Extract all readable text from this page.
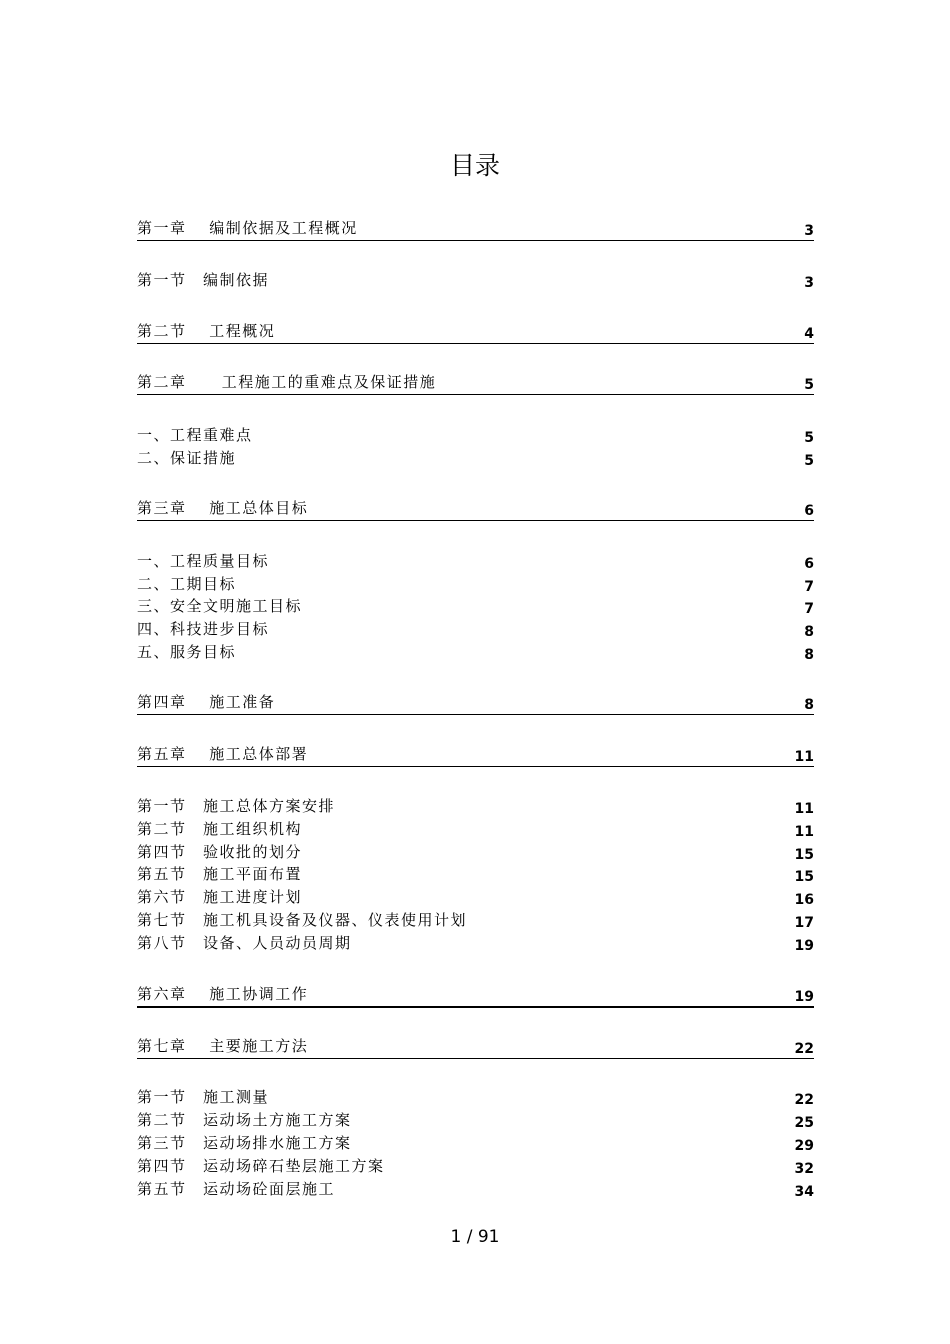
目录
第一章　 编制依据及工程概况	3
第一节　编制依据	3
第二节　 工程概况	4
第二章　   工程施工的重难点及保证措施	5
一、工程重难点	5
二、保证措施	5
第三章　 施工总体目标	6
一、工程质量目标	6
二、工期目标	7
三、安全文明施工目标	7
四、科技进步目标	8
五、服务目标	8
第四章　 施工准备	8
第五章　 施工总体部署	11
第一节　施工总体方案安排	11
第二节　施工组织机构	11
第四节　验收批的划分	15
第五节　施工平面布置	15
第六节　施工进度计划	16
第七节　施工机具设备及仪器、仪表使用计划	17
第八节　设备、人员动员周期	19
第六章　 施工协调工作	19
第七章　 主要施工方法	22
第一节　施工测量	22
第二节　运动场土方施工方案	25
第三节　运动场排水施工方案	29
第四节　运动场碎石垫层施工方案	32
第五节　运动场砼面层施工	34
1 / 91
